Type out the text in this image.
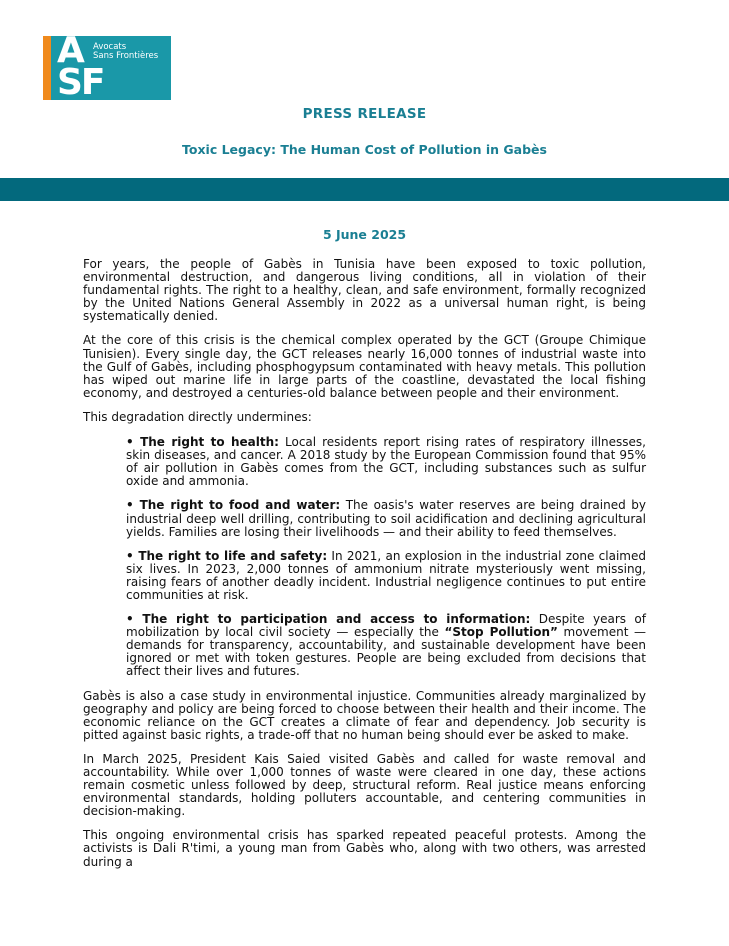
A
SF
Avocats
Sans Frontières
PRESS RELEASE
Toxic Legacy: The Human Cost of Pollution in Gabès
5 June 2025

For years, the people of Gabès in Tunisia have been exposed to toxic pollution, environmental destruction, and dangerous living conditions, all in violation of their fundamental rights. The right to a healthy, clean, and safe environment, formally recognized by the United Nations General Assembly in 2022 as a universal human right, is being systematically denied.

At the core of this crisis is the chemical complex operated by the GCT (Groupe Chimique Tunisien). Every single day, the GCT releases nearly 16,000 tonnes of industrial waste into the Gulf of Gabès, including phosphogypsum contaminated with heavy metals. This pollution has wiped out marine life in large parts of the coastline, devastated the local fishing economy, and destroyed a centuries-old balance between people and their environment.

This degradation directly undermines:

• The right to health: Local residents report rising rates of respiratory illnesses, skin diseases, and cancer. A 2018 study by the European Commission found that 95% of air pollution in Gabès comes from the GCT, including substances such as sulfur oxide and ammonia.

• The right to food and water: The oasis's water reserves are being drained by industrial deep well drilling, contributing to soil acidification and declining agricultural yields. Families are losing their livelihoods — and their ability to feed themselves.

• The right to life and safety: In 2021, an explosion in the industrial zone claimed six lives. In 2023, 2,000 tonnes of ammonium nitrate mysteriously went missing, raising fears of another deadly incident. Industrial negligence continues to put entire communities at risk.

• The right to participation and access to information: Despite years of mobilization by local civil society — especially the “Stop Pollution” movement — demands for transparency, accountability, and sustainable development have been ignored or met with token gestures. People are being excluded from decisions that affect their lives and futures.

Gabès is also a case study in environmental injustice. Communities already marginalized by geography and policy are being forced to choose between their health and their income. The economic reliance on the GCT creates a climate of fear and dependency. Job security is pitted against basic rights, a trade-off that no human being should ever be asked to make.

In March 2025, President Kais Saied visited Gabès and called for waste removal and accountability. While over 1,000 tonnes of waste were cleared in one day, these actions remain cosmetic unless followed by deep, structural reform. Real justice means enforcing environmental standards, holding polluters accountable, and centering communities in decision-making.

This ongoing environmental crisis has sparked repeated peaceful protests. Among the activists is Dali R'timi, a young man from Gabès who, along with two others, was arrested during a
